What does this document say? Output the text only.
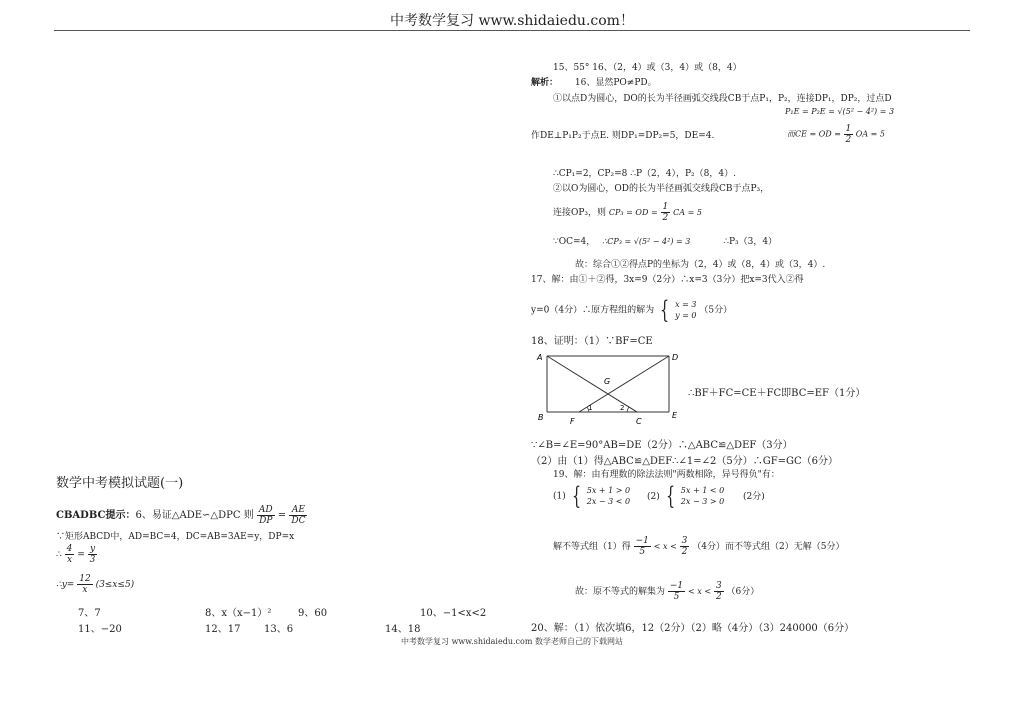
中考数学复习 www.shidaiedu.com！
数学中考模拟试题(一)
CBADBC提示：6、易证△ADE∽△DPC 则 $\frac{AD}{DP} = \frac{AE}{DC}$
∵矩形ABCD中，AD=BC=4，DC=AB=3AE=y，DP=x
∴ $\frac{4}{x} = \frac{y}{3}$
∴y= $\frac{12}{x} (3\le x\le 5)$
7、7	8、x（x−1）²	9、60	10、−1<x<2
11、−20	12、17 13、6	14、18
15、55° 16、（2，4）或（3，4）或（8，4）
解析： 16、显然PO≠PD。
①以点D为圆心，DO的长为半径画弧交线段CB于点P₁，P₂，连接DP₁，DP₂，过点D
P₁E = P₂E = √(5² − 4²) = 3
作DE⊥P₁P₂于点E. 则DP₁=DP₂=5，DE=4.	而CE = OD = $\frac{1}{2}$ OA = 5
∴CP₁=2，CP₂=8 ∴P（2，4），P₂（8，4）.
②以O为圆心，OD的长为半径画弧交线段CB于点P₃，
连接OP₃，则 CP₃ = OD = $\frac{1}{2}$ CA = 5
∵OC=4， ∴CP₃ = √(5² − 4²) = 3	∴P₃（3，4）
故：综合①②得点P的坐标为（2，4）或（8，4）或（3，4）.
17、解：由①＋②得，3x=9（2分）∴x=3（3分）把x=3代入②得
y=0（4分）∴原方程组的解为 { x = 3
y = 0 （5分）
18、证明：（1）∵BF=CE
A	D
G
B	F	C
E
1	2
∴BF＋FC=CE＋FC即BC=EF（1分）
∵∠B=∠E=90°AB=DE（2分）∴△ABC≌△DEF（3分）
（2）由（1）得△ABC≌△DEF∴∠1=∠2（5分）∴GF=GC（6分）
19、解：由有理数的除法法则"两数相除，异号得负"有：
(1) { 5x + 1 > 0
2x − 3 < 0 (2) { 5x + 1 < 0
2x − 3 > 0 (2分)
解不等式组（1）得 $\frac{-1}{5} < x < \frac{3}{2} (4$分）而不等式组（2）无解（5分）
故：原不等式的解集为 $\frac{-1}{5} < x < \frac{3}{2} (6$分）
20、解：（1）依次填6，12（2分）（2）略（4分）（3）240000（6分）
中考数学复习 www.shidaiedu.com 数学老师自己的下载网站
